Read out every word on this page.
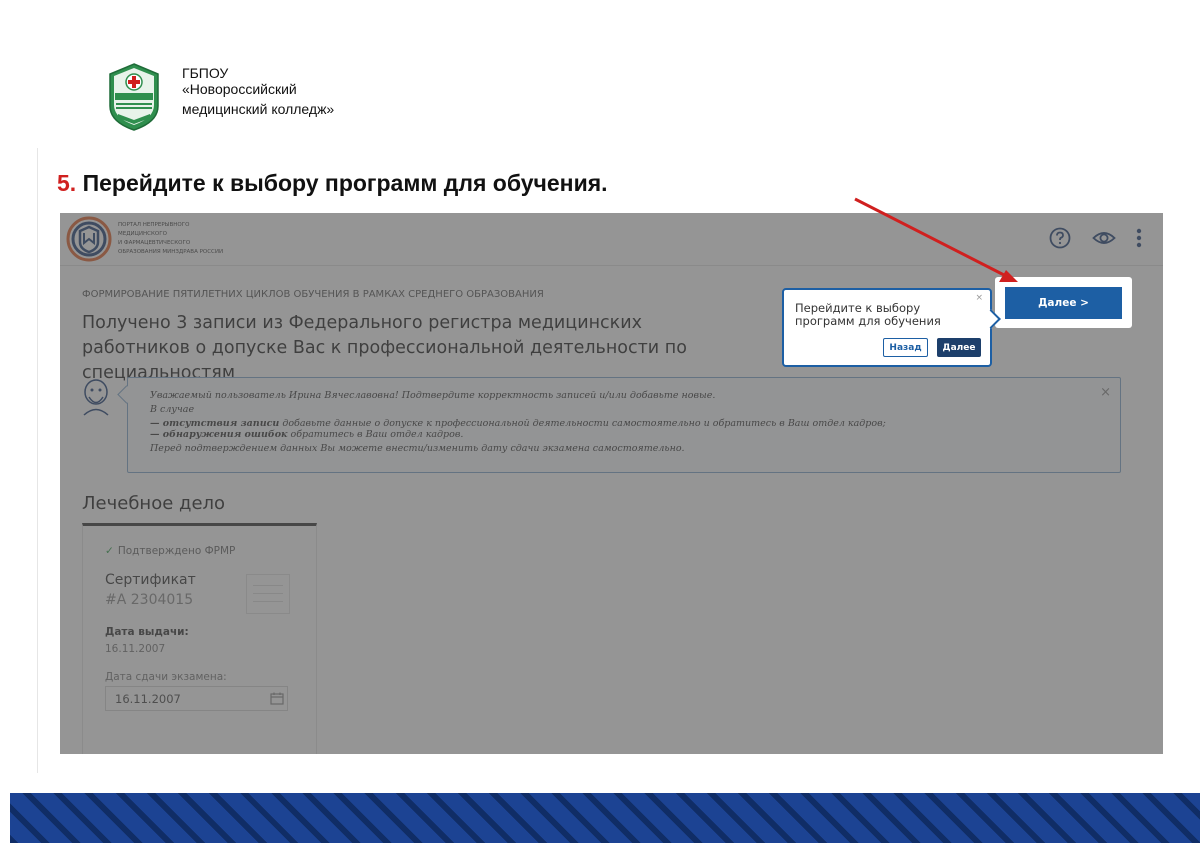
ГБПОУ
«Новороссийский
медицинский колледж»
5. Перейдите к выбору программ для обучения.
Далее >
×
Перейдите к выбору программ для обучения
Назад	Далее
